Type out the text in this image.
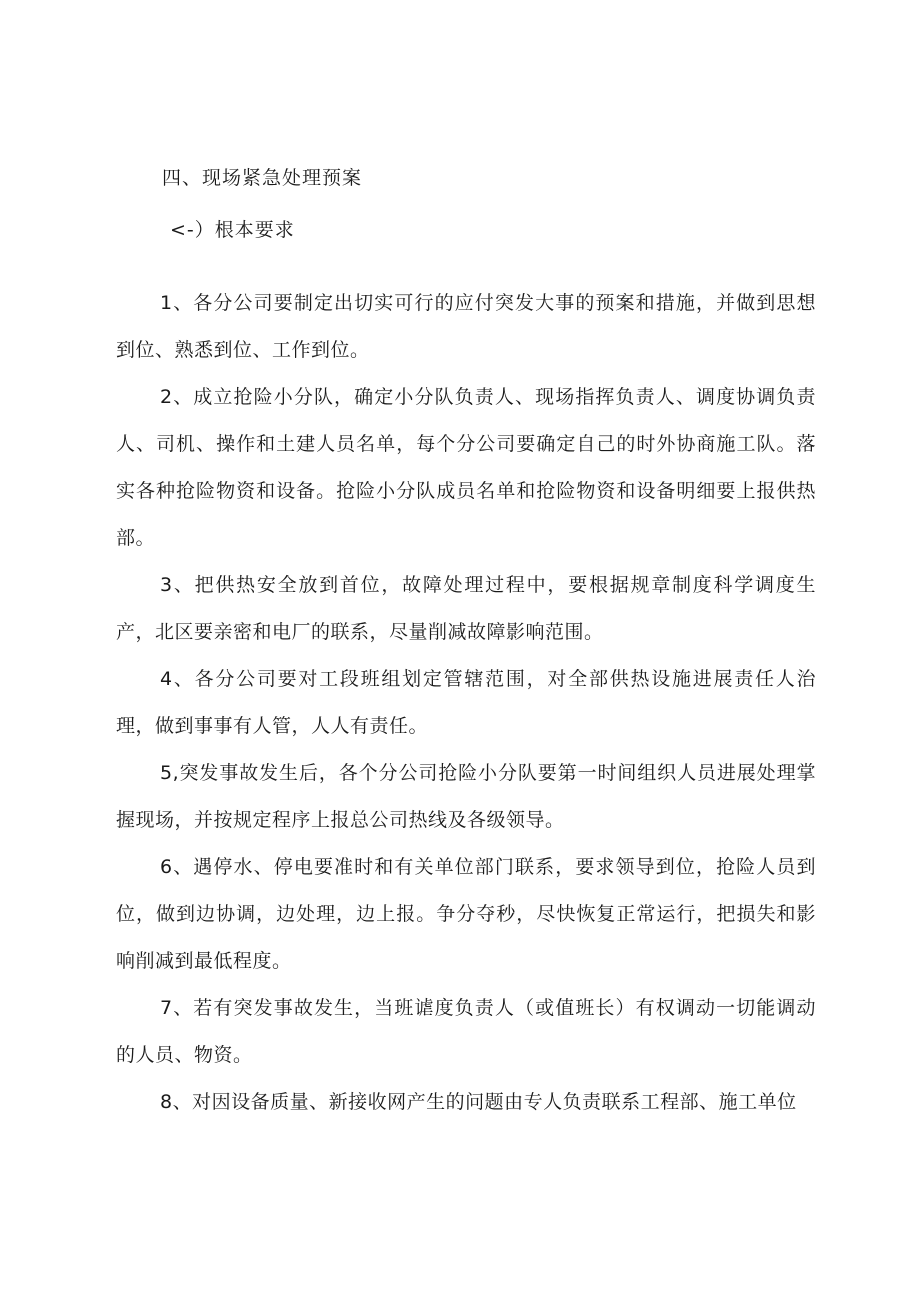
四、现场紧急处理预案
<-）根本要求

1、各分公司要制定出切实可行的应付突发大事的预案和措施，并做到思想到位、熟悉到位、工作到位。

2、成立抢险小分队，确定小分队负责人、现场指挥负责人、调度协调负责人、司机、操作和土建人员名单，每个分公司要确定自己的时外协商施工队。落实各种抢险物资和设备。抢险小分队成员名单和抢险物资和设备明细要上报供热部。

3、把供热安全放到首位，故障处理过程中，要根据规章制度科学调度生产，北区要亲密和电厂的联系，尽量削减故障影响范围。

4、各分公司要对工段班组划定管辖范围，对全部供热设施进展责任人治理，做到事事有人管，人人有责任。

5,突发事故发生后，各个分公司抢险小分队要第一时间组织人员进展处理掌握现场，并按规定程序上报总公司热线及各级领导。

6、遇停水、停电要准时和有关单位部门联系，要求领导到位，抢险人员到位，做到边协调，边处理，边上报。争分夺秒，尽快恢复正常运行，把损失和影响削减到最低程度。

7、若有突发事故发生，当班谑度负责人（或值班长）有权调动一切能调动的人员、物资。

8、对因设备质量、新接收网产生的问题由专人负责联系工程部、施工单位
